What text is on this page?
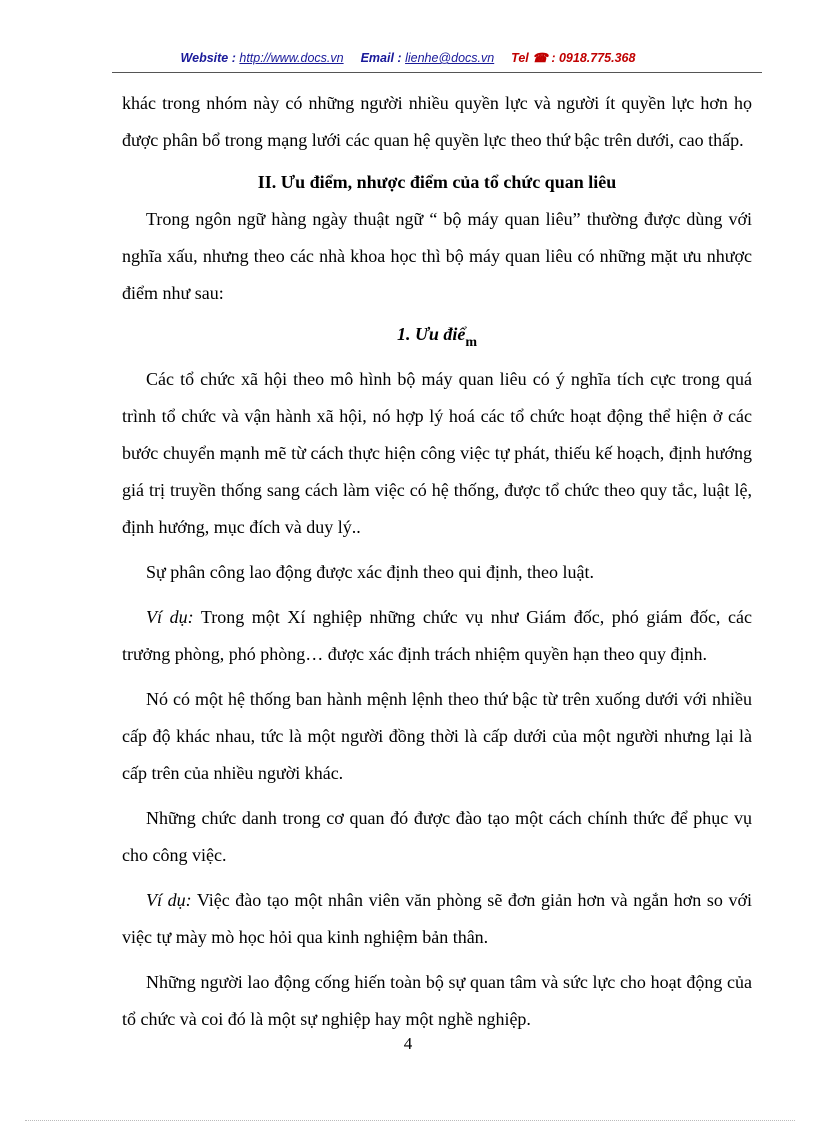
Website : http://www.docs.vn Email : lienhe@docs.vn Tel ☎ : 0918.775.368

khác trong nhóm này có những người nhiều quyền lực và người ít quyền lực hơn họ được phân bổ trong mạng lưới các quan hệ quyền lực theo thứ bậc trên dưới, cao thấp.

II. Ưu điểm, nhược điểm của tổ chức quan liêu

Trong ngôn ngữ hàng ngày thuật ngữ “ bộ máy quan liêu” thường được dùng với nghĩa xấu, nhưng theo các nhà khoa học thì bộ máy quan liêu có những mặt ưu nhược điểm như sau:

1. Ưu điể$_m$

Các tổ chức xã hội theo mô hình bộ máy quan liêu có ý nghĩa tích cực trong quá trình tổ chức và vận hành xã hội, nó hợp lý hoá các tổ chức hoạt động thể hiện ở các bước chuyển mạnh mẽ từ cách thực hiện công việc tự phát, thiếu kế hoạch, định hướng giá trị truyền thống sang cách làm việc có hệ thống, được tổ chức theo quy tắc, luật lệ, định hướng, mục đích và duy lý..

Sự phân công lao động được xác định theo qui định, theo luật.

Ví dụ: Trong một Xí nghiệp những chức vụ như Giám đốc, phó giám đốc, các trưởng phòng, phó phòng… được xác định trách nhiệm quyền hạn theo quy định.

Nó có một hệ thống ban hành mệnh lệnh theo thứ bậc từ trên xuống dưới với nhiều cấp độ khác nhau, tức là một người đồng thời là cấp dưới của một người nhưng lại là cấp trên của nhiều người khác.

Những chức danh trong cơ quan đó được đào tạo một cách chính thức để phục vụ cho công việc.

Ví dụ: Việc đào tạo một nhân viên văn phòng sẽ đơn giản hơn và ngắn hơn so với việc tự mày mò học hỏi qua kinh nghiệm bản thân.

Những người lao động cống hiến toàn bộ sự quan tâm và sức lực cho hoạt động của tổ chức và coi đó là một sự nghiệp hay một nghề nghiệp.

4
